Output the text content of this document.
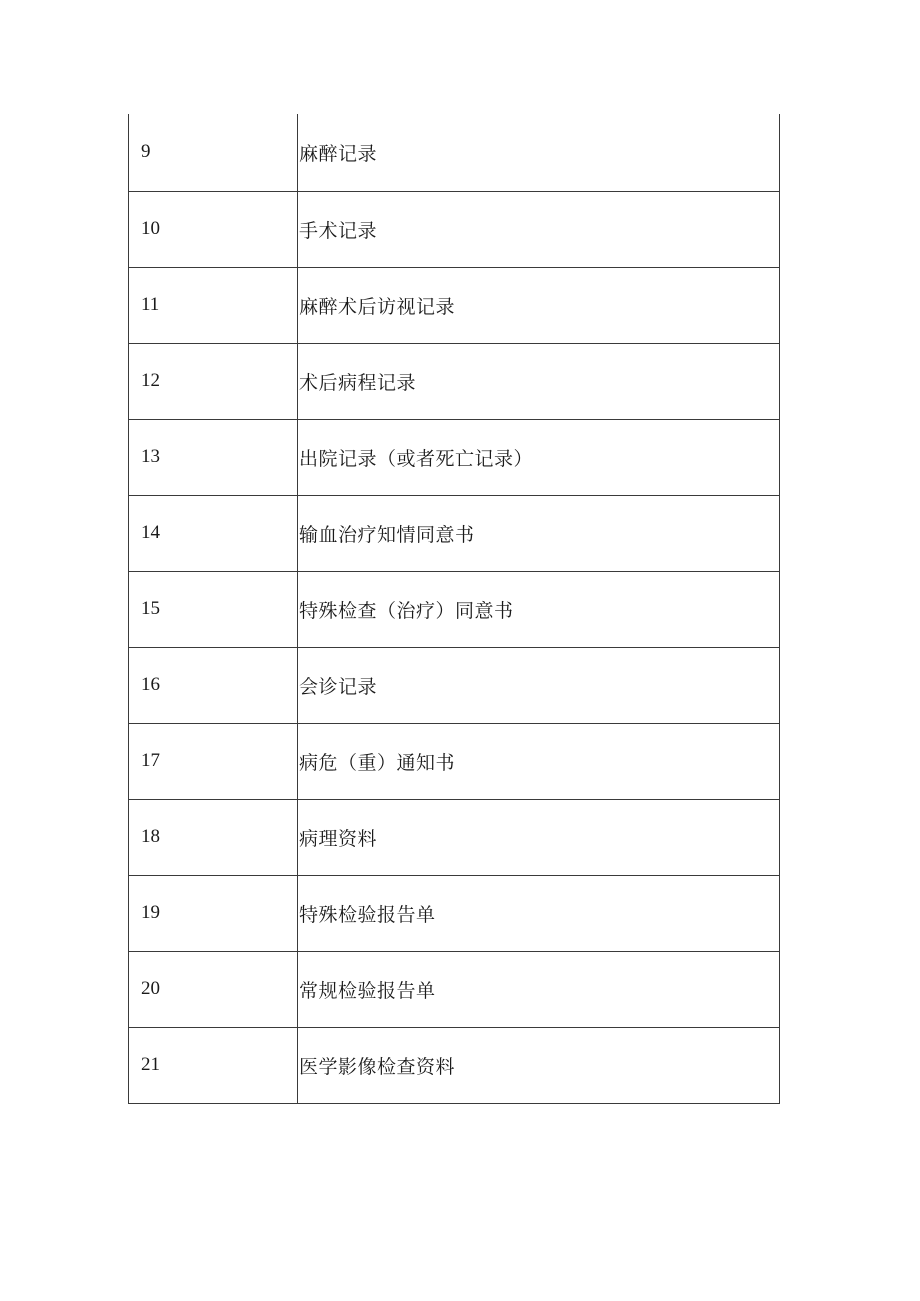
9	麻醉记录
10	手术记录
11	麻醉术后访视记录
12	术后病程记录
13	出院记录（或者死亡记录）
14	输血治疗知情同意书
15	特殊检查（治疗）同意书
16	会诊记录
17	病危（重）通知书
18	病理资料
19	特殊检验报告单
20	常规检验报告单
21	医学影像检查资料
